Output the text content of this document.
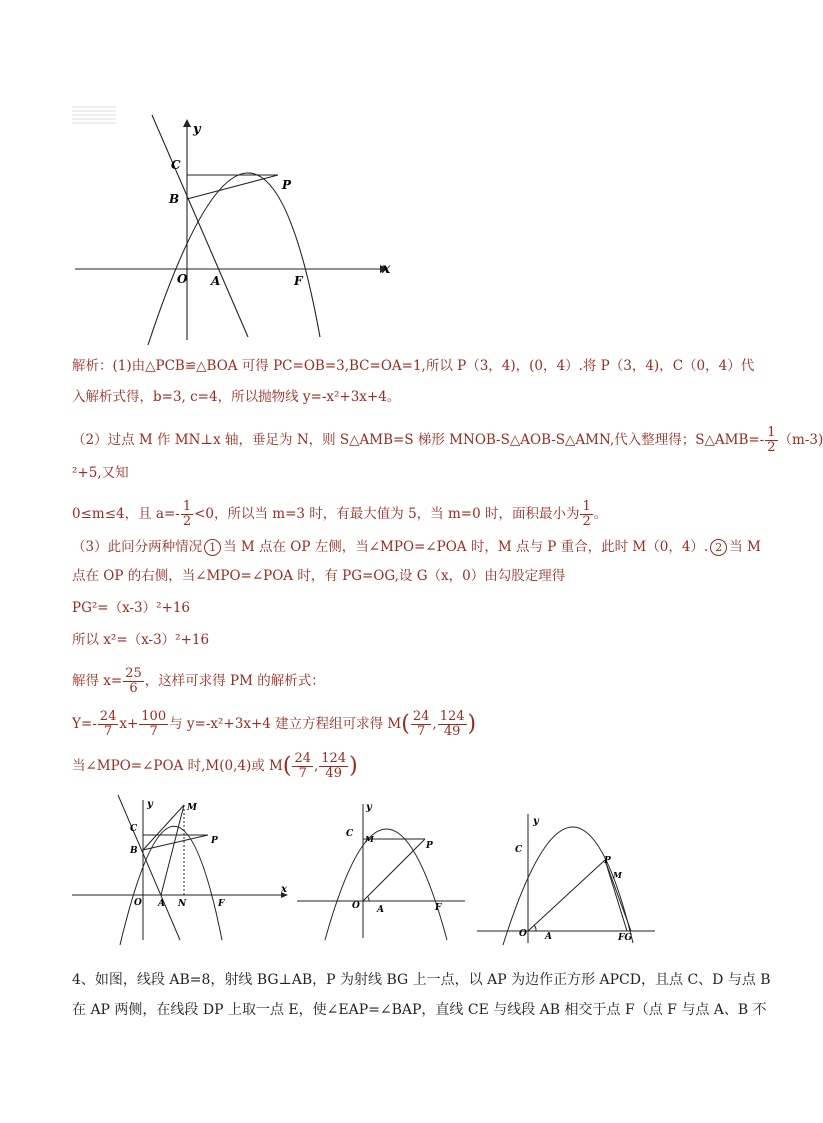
y
x
C
B
P
O A	F
解析：(1)由△PCB≌△BOA 可得 PC=OB=3,BC=OA=1,所以 P（3，4)，(0，4）.将 P（3，4)，C（0，4）代
入解析式得，b=3, c=4，所以抛物线 y=-x²+3x+4。
（2）过点 M 作 MN⊥x 轴，垂足为 N，则 S△AMB=S 梯形 MNOB-S△AOB-S△AMN,代入整理得；S△AMB=- $\frac{1}{2} (m-3)$
²+5,又知
0≤m≤4，且 $a=- \frac{1}{2} <0$，所以当 m=3 时，有最大值为 5，当 m=0 时，面积最小为 $\frac{1}{2}$ 。
（3）此问分两种情况 1 当 M 点在 OP 左侧，当∠MPO=∠POA 时，M 点与 P 重合，此时 M（0，4）. 2 当 M
点在 OP 的右侧，当∠MPO=∠POA 时，有 PG=OG,设 G（x，0）由勾股定理得
PG²=（x-3）²+16
所以 x²=（x-3）²+16
解得 $x= \frac{25}{6}$ ，这样可求得 PM 的解析式：
$Y=- \frac{24}{7} x+ \frac{100}{7}$ 与 y=-x²+3x+4 建立方程组可求得 $M( \frac{24}{7}$ , $\frac{124}{49}$ )
当∠MPO=∠POA 时,M(0,4)或 $M( \frac{24}{7}$ , $\frac{124}{49}$ )
y	M
C
P
B
x
O A N	F
y
C M
P
O A	F
y
C
P
M
O A	FG
4、如图，线段 AB=8，射线 BG⊥AB，P 为射线 BG 上一点，以 AP 为边作正方形 APCD，且点 C、D 与点 B
在 AP 两侧，在线段 DP 上取一点 E，使∠EAP=∠BAP，直线 CE 与线段 AB 相交于点 F（点 F 与点 A、B 不
